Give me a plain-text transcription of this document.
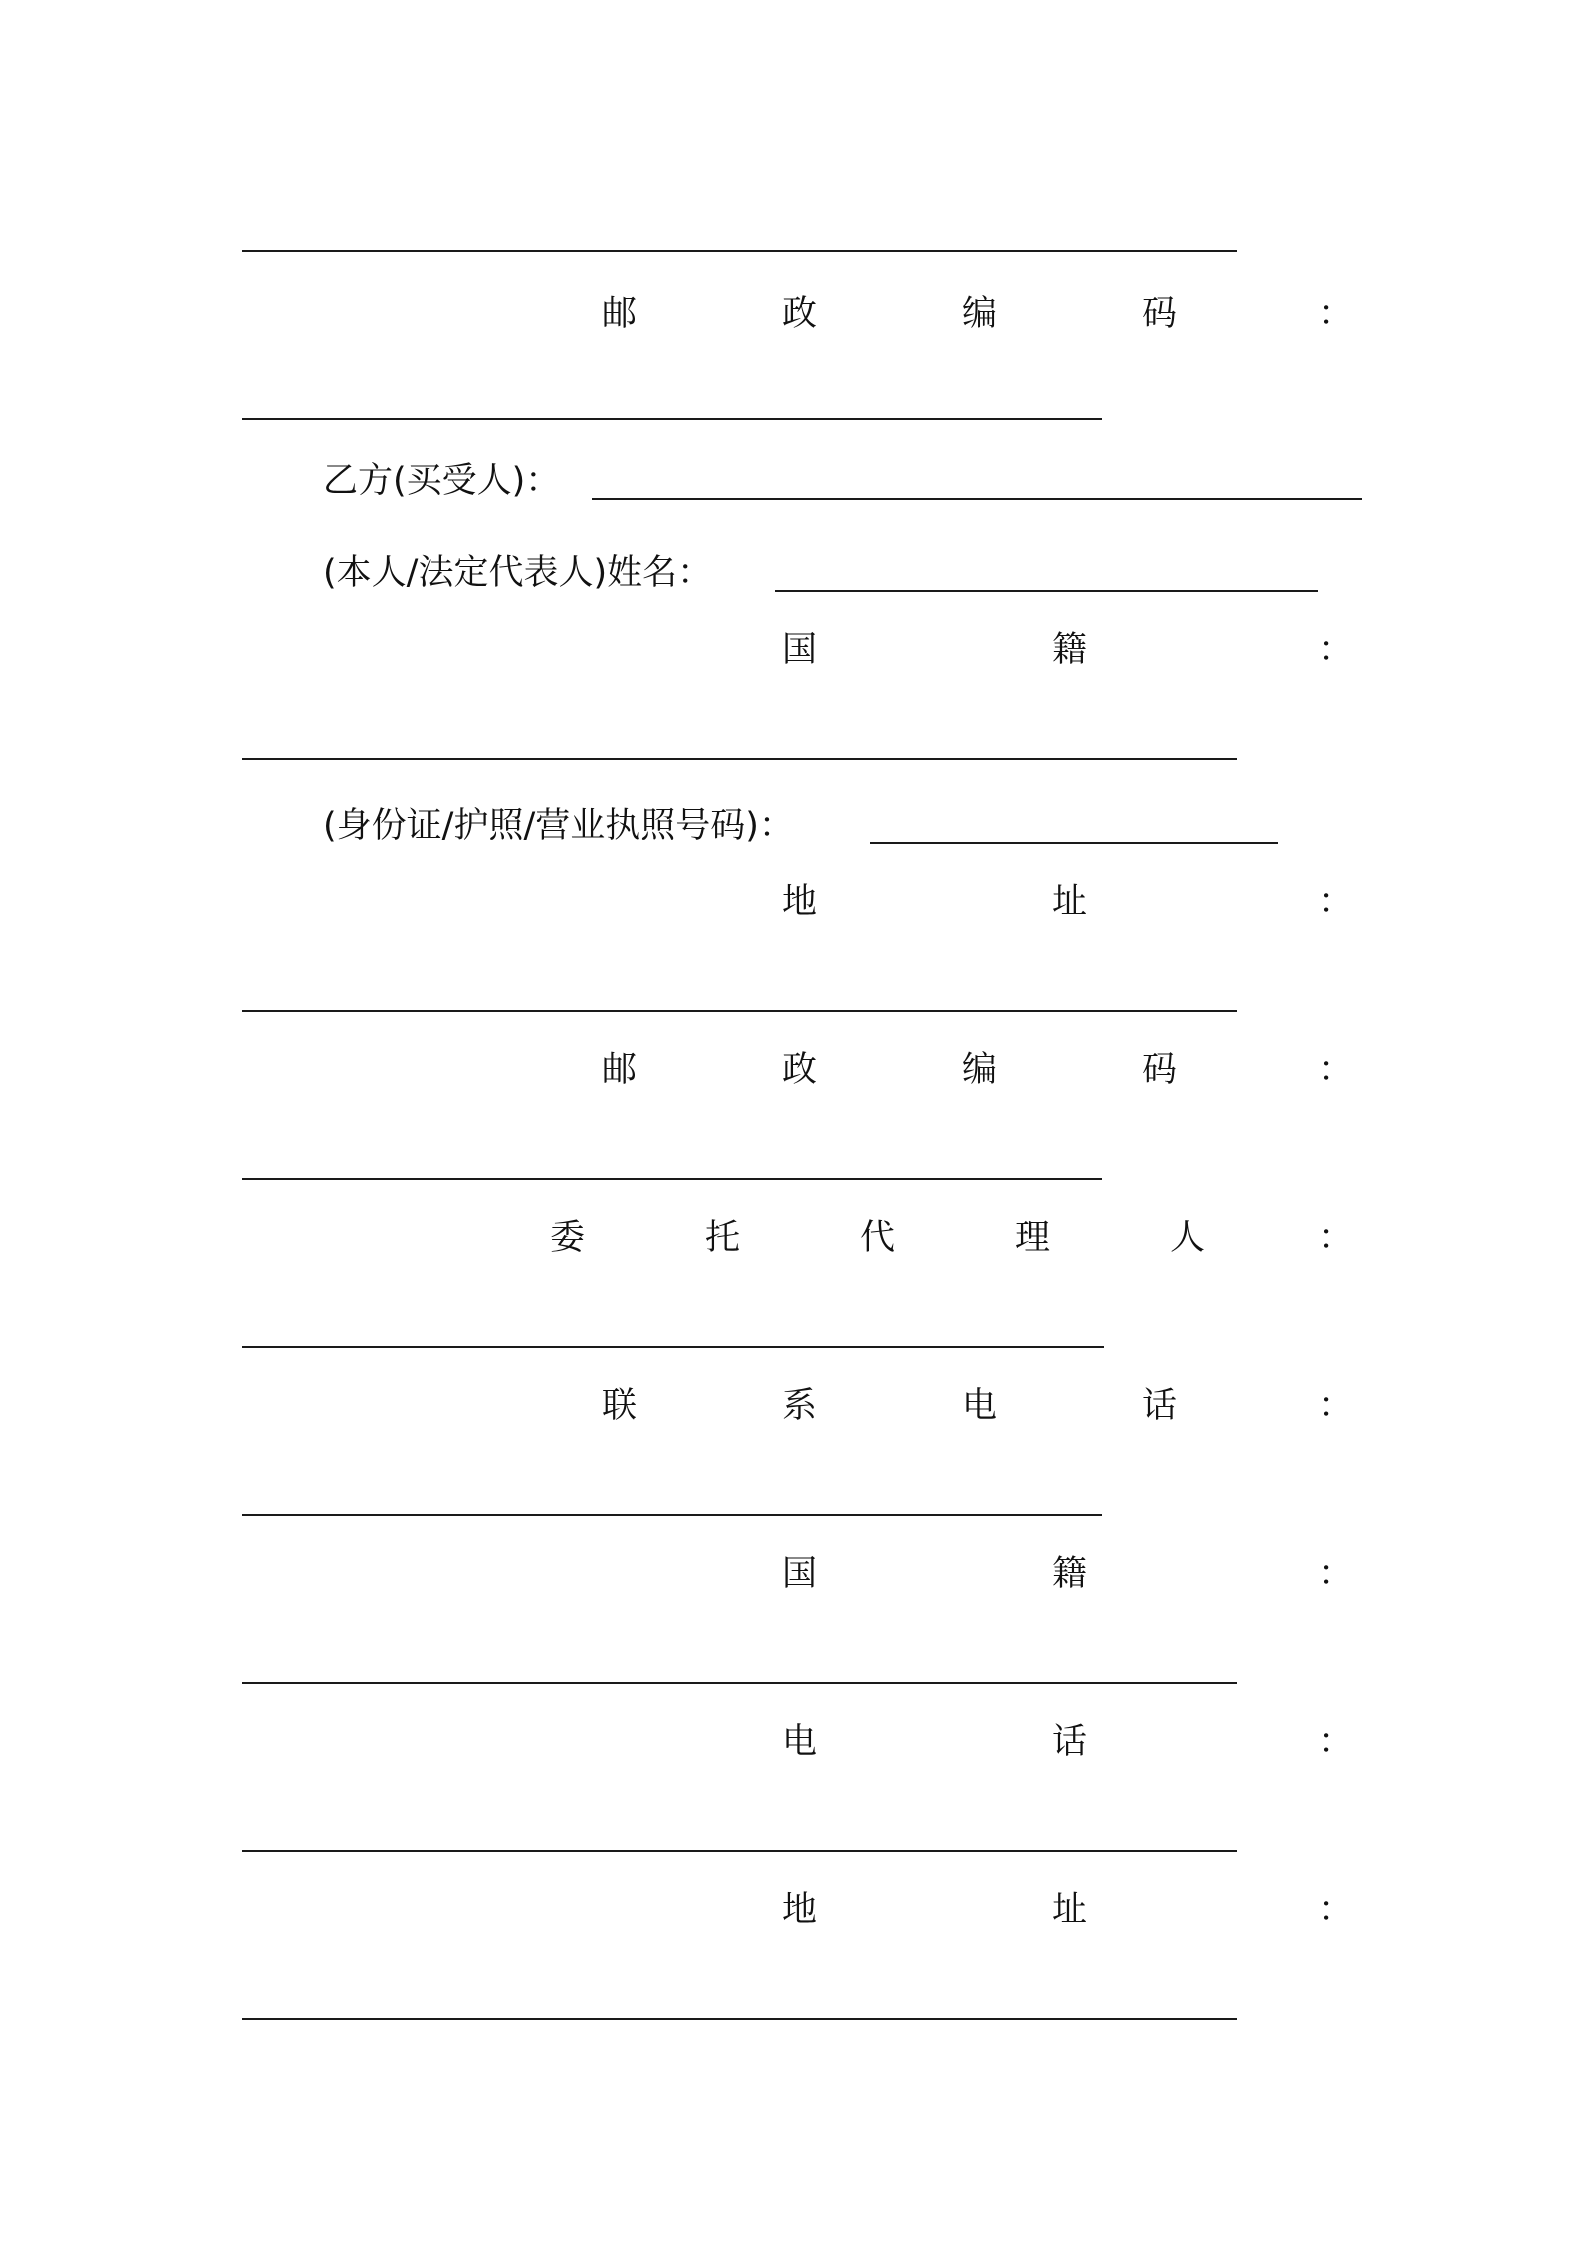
邮	政	编	码	：
乙方(买受人)：
(本人/法定代表人)姓名：
国	籍	：
(身份证/护照/营业执照号码)：
地	址	：
邮	政	编	码	：
委	托	代	理	人	：
联	系	电	话	：
国	籍	：
电	话	：
地	址	：
